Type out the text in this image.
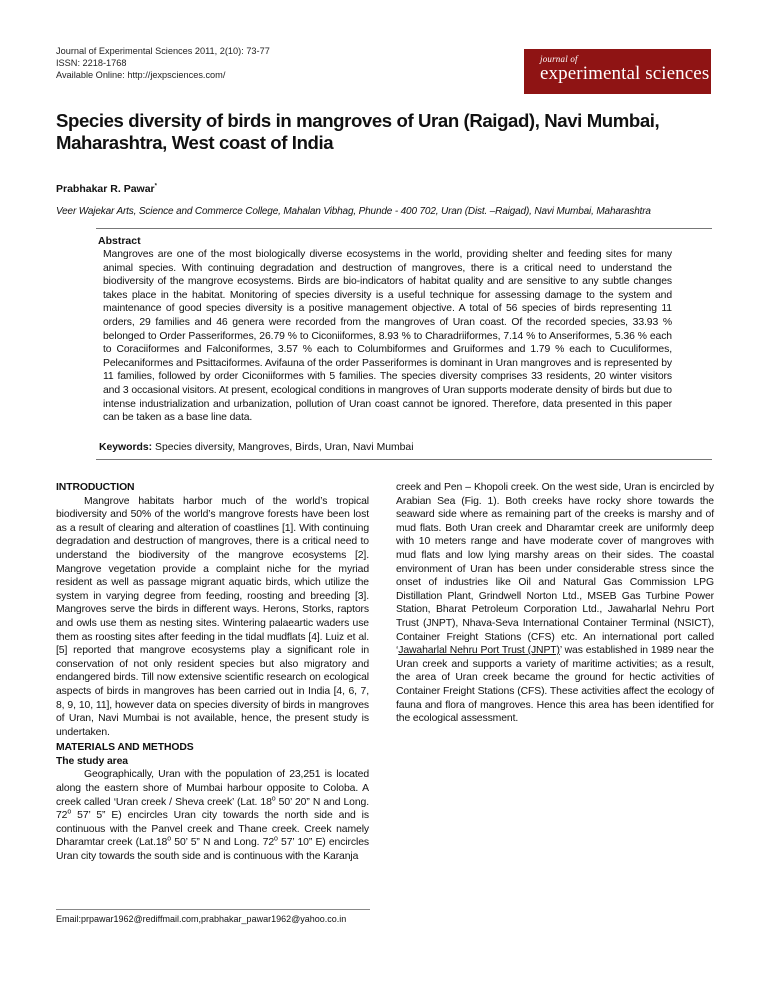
Journal of Experimental Sciences 2011, 2(10): 73-77
ISSN: 2218-1768
Available Online: http://jexpsciences.com/
journal of
experimental sciences
Species diversity of birds in mangroves of Uran (Raigad), Navi Mumbai, Maharashtra, West coast of India
Prabhakar R. Pawar*
Veer Wajekar Arts, Science and Commerce College, Mahalan Vibhag, Phunde - 400 702, Uran (Dist. –Raigad), Navi Mumbai, Maharashtra
Abstract
Mangroves are one of the most biologically diverse ecosystems in the world, providing shelter and feeding sites for many animal species. With continuing degradation and destruction of mangroves, there is a critical need to understand the biodiversity of the mangrove ecosystems. Birds are bio-indicators of habitat quality and are sensitive to any subtle changes takes place in the habitat. Monitoring of species diversity is a useful technique for assessing damage to the system and maintenance of good species diversity is a positive management objective. A total of 56 species of birds representing 11 orders, 29 families and 46 genera were recorded from the mangroves of Uran coast. Of the recorded species, 33.93 % belonged to Order Passeriformes, 26.79 % to Ciconiiformes, 8.93 % to Charadriiformes, 7.14 % to Anseriformes, 5.36 % each to Coraciiformes and Falconiformes, 3.57 % each to Columbiformes and Gruiformes and 1.79 % each to Cuculiformes, Pelecaniformes and Psittaciformes. Avifauna of the order Passeriformes is dominant in Uran mangroves and is represented by 11 families, followed by order Ciconiiformes with 5 families. The species diversity comprises 33 residents, 20 winter visitors and 3 occasional visitors. At present, ecological conditions in mangroves of Uran supports moderate density of birds but due to intense industrialization and urbanization, pollution of Uran coast cannot be ignored. Therefore, data presented in this paper can be taken as a base line data.
Keywords: Species diversity, Mangroves, Birds, Uran, Navi Mumbai
INTRODUCTION

Mangrove habitats harbor much of the world’s tropical biodiversity and 50% of the world’s mangrove forests have been lost as a result of clearing and alteration of coastlines [1]. With continuing degradation and destruction of mangroves, there is a critical need to understand the biodiversity of the mangrove ecosystems [2]. Mangrove vegetation provide a complaint niche for the myriad resident as well as passage migrant aquatic birds, which utilize the system in varying degree from feeding, roosting and breeding [3]. Mangroves serve the birds in different ways. Herons, Storks, raptors and owls use them as nesting sites. Wintering palaeartic waders use them as roosting sites after feeding in the tidal mudflats [4]. Luiz et al. [5] reported that mangrove ecosystems play a significant role in conservation of not only resident species but also migratory and endangered birds. Till now extensive scientific research on ecological aspects of birds in mangroves has been carried out in India [4, 6, 7, 8, 9, 10, 11], however data on species diversity of birds in mangroves of Uran, Navi Mumbai is not available, hence, the present study is undertaken.

MATERIALS AND METHODS
The study area

Geographically, Uran with the population of 23,251 is located along the eastern shore of Mumbai harbour opposite to Coloba. A creek called ‘Uran creek / Sheva creek’ (Lat. 18$^o$ 50’ 20” N and Long. 72$^o$ 57’ 5” E) encircles Uran city towards the north side and is continuous with the Panvel creek and Thane creek. Creek namely Dharamtar creek (Lat.18$^o$ 50’ 5” N and Long. 72$^o$ 57’ 10” E) encircles Uran city towards the south side and is continuous with the Karanja

creek and Pen – Khopoli creek. On the west side, Uran is encircled by Arabian Sea (Fig. 1). Both creeks have rocky shore towards the seaward side where as remaining part of the creeks is marshy and of mud flats. Both Uran creek and Dharamtar creek are uniformly deep with 10 meters range and have moderate cover of mangroves with mud flats and low lying marshy areas on their sides. The coastal environment of Uran has been under considerable stress since the onset of industries like Oil and Natural Gas Commission LPG Distillation Plant, Grindwell Norton Ltd., MSEB Gas Turbine Power Station, Bharat Petroleum Corporation Ltd., Jawaharlal Nehru Port Trust (JNPT), Nhava-Seva International Container Terminal (NSICT), Container Freight Stations (CFS) etc. An international port called ‘Jawaharlal Nehru Port Trust (JNPT)’ was established in 1989 near the Uran creek and supports a variety of maritime activities; as a result, the area of Uran creek became the ground for hectic activities of Container Freight Stations (CFS). These activities affect the ecology of fauna and flora of mangroves. Hence this area has been identified for the ecological assessment.

Email:prpawar1962@rediffmail.com,prabhakar_pawar1962@yahoo.co.in
